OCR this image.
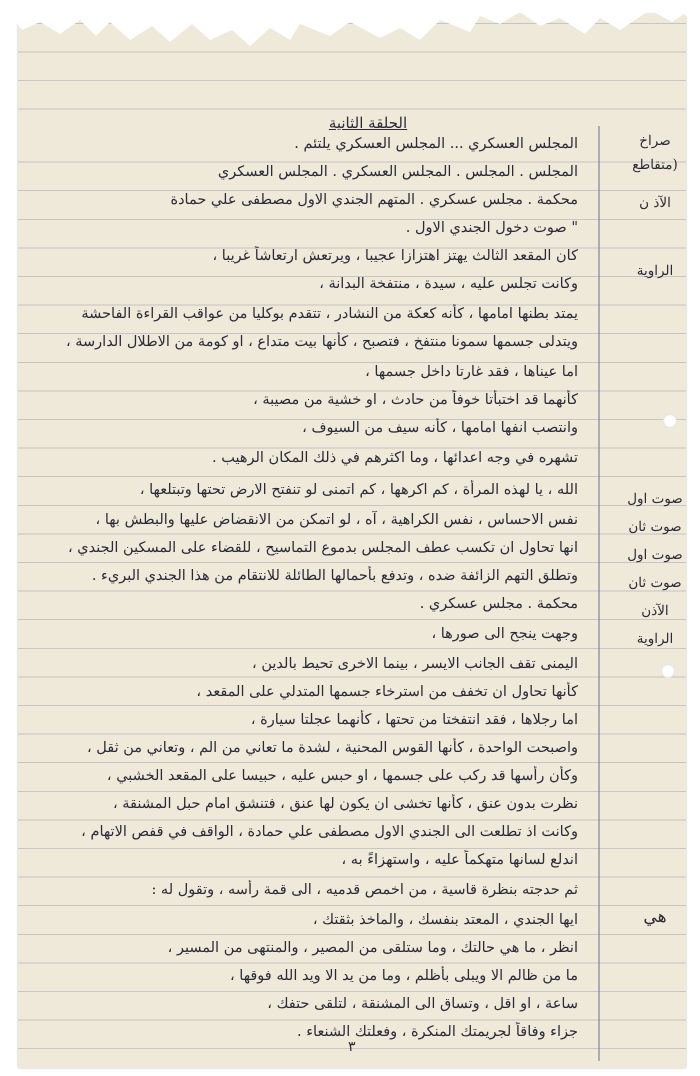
الحلقة الثانية
صراخ
(متقاطع
الآذ ن
الراوية
صوت اول
صوت ثان
صوت اول
صوت ثان
الآذن
الراوية
هي
المجلس العسكري ... المجلس العسكري يلتئم .
المجلس . المجلس . المجلس العسكري . المجلس العسكري
محكمة . مجلس عسكري . المتهم الجندي الاول مصطفى علي حمادة
" صوت دخول الجندي الاول .
كان المقعد الثالث يهتز اهتزازا عجيبا ، ويرتعش ارتعاشاً غريبا ،
وكانت تجلس عليه ، سيدة ، منتفخة البدانة ،
يمتد بطنها امامها ، كأنه كعكة من النشادر ، تتقدم بوكليا من عواقب القراءة الفاحشة
ويتدلى جسمها سمونا منتفخ ، فتصبح ، كأنها بيت متداع ، او كومة من الاطلال الدارسة ،
اما عيناها ، فقد غارتا داخل جسمها ،
كأنهما قد اختبأتا خوفاً من حادث ، او خشية من مصيبة ،
وانتصب انفها امامها ، كأنه سيف من السيوف ،
تشهره في وجه اعدائها ، وما اكثرهم في ذلك المكان الرهيب .
الله ، يا لهذه المرأة ، كم اكرهها ، كم اتمنى لو تنفتح الارض تحتها وتبتلعها ،
نفس الاحساس ، نفس الكراهية ، آه ، لو اتمكن من الانقضاض عليها والبطش بها ،
انها تحاول ان تكسب عطف المجلس بدموع التماسيح ، للقضاء على المسكين الجندي ،
وتطلق التهم الزائفة ضده ، وتدفع بأحمالها الطائلة للانتقام من هذا الجندي البريء .
محكمة . مجلس عسكري .
وجهت ينجح الى صورها ،
اليمنى تقف الجانب الايسر ، بينما الاخرى تحيط بالدين ،
كأنها تحاول ان تخفف من استرخاء جسمها المتدلي على المقعد ،
اما رجلاها ، فقد انتفختا من تحتها ، كأنهما عجلتا سيارة ،
واصبحت الواحدة ، كأنها القوس المحنية ، لشدة ما تعاني من الم ، وتعاني من ثقل ،
وكأن رأسها قد ركب على جسمها ، او حبس عليه ، حبيسا على المقعد الخشبي ،
نظرت بدون عنق ، كأنها تخشى ان يكون لها عنق ، فتنشق امام حبل المشنقة ،
وكانت اذ تطلعت الى الجندي الاول مصطفى علي حمادة ، الواقف في قفص الاتهام ،
اندلع لسانها متهكماً عليه ، واستهزاءً به ،
ثم حدجته بنظرة قاسية ، من اخمص قدميه ، الى قمة رأسه ، وتقول له :
ايها الجندي ، المعتد بنفسك ، والماخذ بثقتك ،
انظر ، ما هي حالتك ، وما ستلقى من المصير ، والمنتهى من المسير ،
ما من ظالم الا ويبلى بأظلم ، وما من يد الا ويد الله فوقها ،
ساعة ، او اقل ، وتساق الى المشنقة ، لتلقى حتفك ،
جزاء وفاقاً لجريمتك المنكرة ، وفعلتك الشنعاء .
٣
